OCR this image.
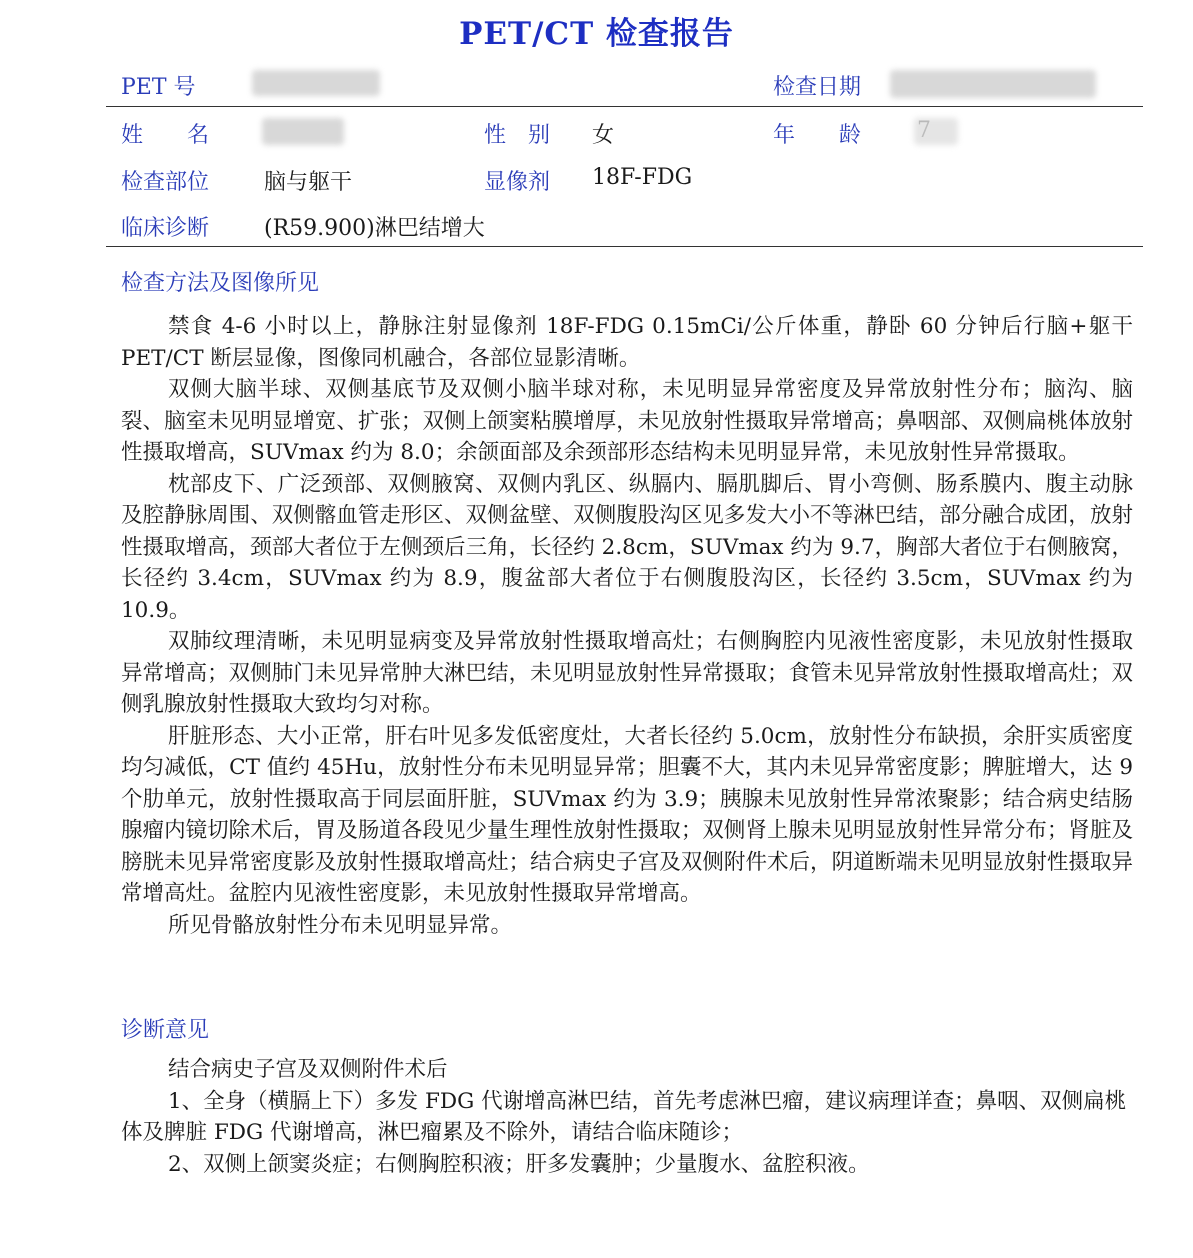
PET/CT 检查报告
PET 号	检查日期
姓　　名	性　别 女	年　　龄
检查部位 脑与躯干	显像剂 18F-FDG
临床诊断 (R59.900)淋巴结增大
检查方法及图像所见

禁食 4-6 小时以上，静脉注射显像剂 18F-FDG 0.15mCi/公斤体重，静卧 60 分钟后行脑+躯干 PET/CT 断层显像，图像同机融合，各部位显影清晰。

双侧大脑半球、双侧基底节及双侧小脑半球对称，未见明显异常密度及异常放射性分布；脑沟、脑裂、脑室未见明显增宽、扩张；双侧上颌窦粘膜增厚，未见放射性摄取异常增高；鼻咽部、双侧扁桃体放射性摄取增高，SUVmax 约为 8.0；余颌面部及余颈部形态结构未见明显异常，未见放射性异常摄取。

枕部皮下、广泛颈部、双侧腋窝、双侧内乳区、纵膈内、膈肌脚后、胃小弯侧、肠系膜内、腹主动脉及腔静脉周围、双侧髂血管走形区、双侧盆壁、双侧腹股沟区见多发大小不等淋巴结，部分融合成团，放射性摄取增高，颈部大者位于左侧颈后三角，长径约 2.8cm，SUVmax 约为 9.7，胸部大者位于右侧腋窝，长径约 3.4cm，SUVmax 约为 8.9，腹盆部大者位于右侧腹股沟区，长径约 3.5cm，SUVmax 约为 10.9。

双肺纹理清晰，未见明显病变及异常放射性摄取增高灶；右侧胸腔内见液性密度影，未见放射性摄取异常增高；双侧肺门未见异常肿大淋巴结，未见明显放射性异常摄取；食管未见异常放射性摄取增高灶；双侧乳腺放射性摄取大致均匀对称。

肝脏形态、大小正常，肝右叶见多发低密度灶，大者长径约 5.0cm，放射性分布缺损，余肝实质密度均匀减低，CT 值约 45Hu，放射性分布未见明显异常；胆囊不大，其内未见异常密度影；脾脏增大，达 9 个肋单元，放射性摄取高于同层面肝脏，SUVmax 约为 3.9；胰腺未见放射性异常浓聚影；结合病史结肠腺瘤内镜切除术后，胃及肠道各段见少量生理性放射性摄取；双侧肾上腺未见明显放射性异常分布；肾脏及膀胱未见异常密度影及放射性摄取增高灶；结合病史子宫及双侧附件术后，阴道断端未见明显放射性摄取异常增高灶。盆腔内见液性密度影，未见放射性摄取异常增高。

所见骨骼放射性分布未见明显异常。

诊断意见

结合病史子宫及双侧附件术后

1、全身（横膈上下）多发 FDG 代谢增高淋巴结，首先考虑淋巴瘤，建议病理详查；鼻咽、双侧扁桃体及脾脏 FDG 代谢增高，淋巴瘤累及不除外，请结合临床随诊；

2、双侧上颌窦炎症；右侧胸腔积液；肝多发囊肿；少量腹水、盆腔积液。
